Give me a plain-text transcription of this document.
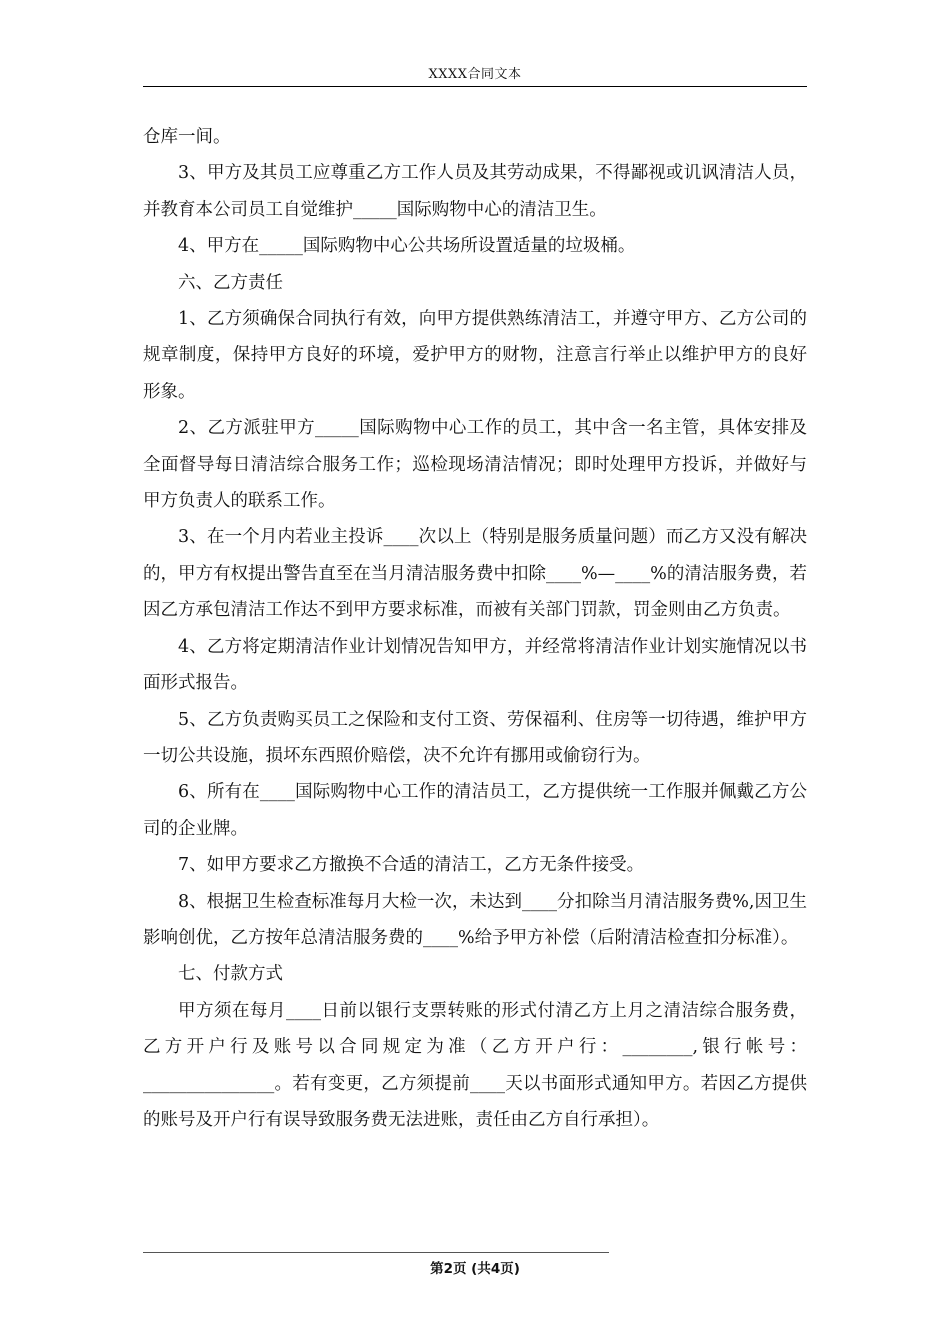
XXXX合同文本

仓库一间。

3、甲方及其员工应尊重乙方工作人员及其劳动成果，不得鄙视或讥讽清洁人员，并教育本公司员工自觉维护_____国际购物中心的清洁卫生。

4、甲方在_____国际购物中心公共场所设置适量的垃圾桶。

六、乙方责任

1、乙方须确保合同执行有效，向甲方提供熟练清洁工，并遵守甲方、乙方公司的规章制度，保持甲方良好的环境，爱护甲方的财物，注意言行举止以维护甲方的良好形象。

2、乙方派驻甲方_____国际购物中心工作的员工，其中含一名主管，具体安排及全面督导每日清洁综合服务工作；巡检现场清洁情况；即时处理甲方投诉，并做好与甲方负责人的联系工作。

3、在一个月内若业主投诉____次以上（特别是服务质量问题）而乙方又没有解决的，甲方有权提出警告直至在当月清洁服务费中扣除____%—____%的清洁服务费，若因乙方承包清洁工作达不到甲方要求标准，而被有关部门罚款，罚金则由乙方负责。

4、乙方将定期清洁作业计划情况告知甲方，并经常将清洁作业计划实施情况以书面形式报告。

5、乙方负责购买员工之保险和支付工资、劳保福利、住房等一切待遇，维护甲方一切公共设施，损坏东西照价赔偿，决不允许有挪用或偷窃行为。

6、所有在____国际购物中心工作的清洁员工，乙方提供统一工作服并佩戴乙方公司的企业牌。

7、如甲方要求乙方撤换不合适的清洁工，乙方无条件接受。

8、根据卫生检查标准每月大检一次，未达到____分扣除当月清洁服务费%,因卫生影响创优，乙方按年总清洁服务费的____%给予甲方补偿（后附清洁检查扣分标准）。

七、付款方式

甲方须在每月____日前以银行支票转账的形式付清乙方上月之清洁综合服务费，乙方开户行及账号以合同规定为准（乙方开户行：________,银行帐号：_______________。若有变更，乙方须提前____天以书面形式通知甲方。若因乙方提供的账号及开户行有误导致服务费无法进账，责任由乙方自行承担）。

第2页 (共4页)
